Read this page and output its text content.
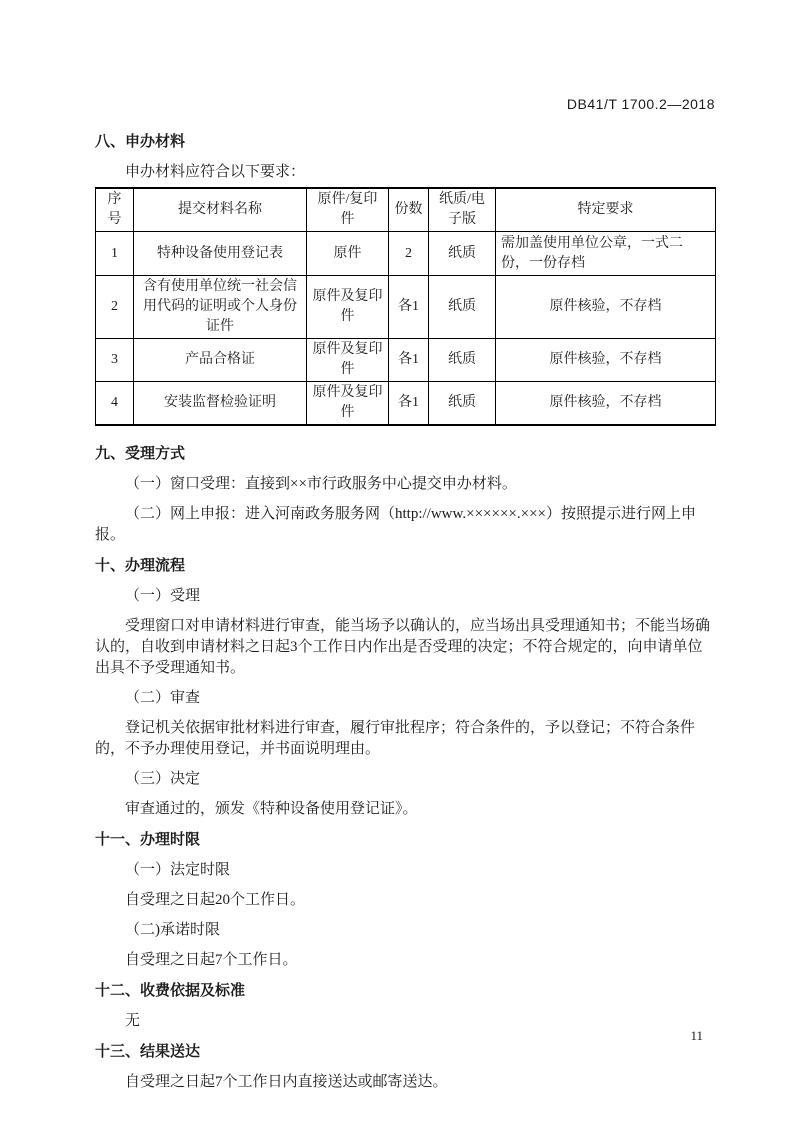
DB41/T 1700.2—2018
八、申办材料

申办材料应符合以下要求：

序号	提交材料名称	原件/复印件	份数	纸质/电子版	特定要求
1	特种设备使用登记表	原件	2	纸质	需加盖使用单位公章，一式二份，一份存档
2	含有使用单位统一社会信用代码的证明或个人身份证件	原件及复印件	各1	纸质	原件核验，不存档
3	产品合格证	原件及复印件	各1	纸质	原件核验，不存档
4	安装监督检验证明	原件及复印件	各1	纸质	原件核验，不存档
九、受理方式

（一）窗口受理：直接到××市行政服务中心提交申办材料。

（二）网上申报：进入河南政务服务网（http://www.××××××.×××）按照提示进行网上申报。

十、办理流程

（一）受理

受理窗口对申请材料进行审查，能当场予以确认的，应当场出具受理通知书；不能当场确认的，自收到申请材料之日起3个工作日内作出是否受理的决定；不符合规定的，向申请单位出具不予受理通知书。

（二）审查

登记机关依据审批材料进行审查，履行审批程序；符合条件的，予以登记；不符合条件的，不予办理使用登记，并书面说明理由。

（三）决定

审查通过的，颁发《特种设备使用登记证》。

十一、办理时限

（一）法定时限

自受理之日起20个工作日。

（二)承诺时限

自受理之日起7个工作日。

十二、收费依据及标准

无

十三、结果送达

自受理之日起7个工作日内直接送达或邮寄送达。

11
